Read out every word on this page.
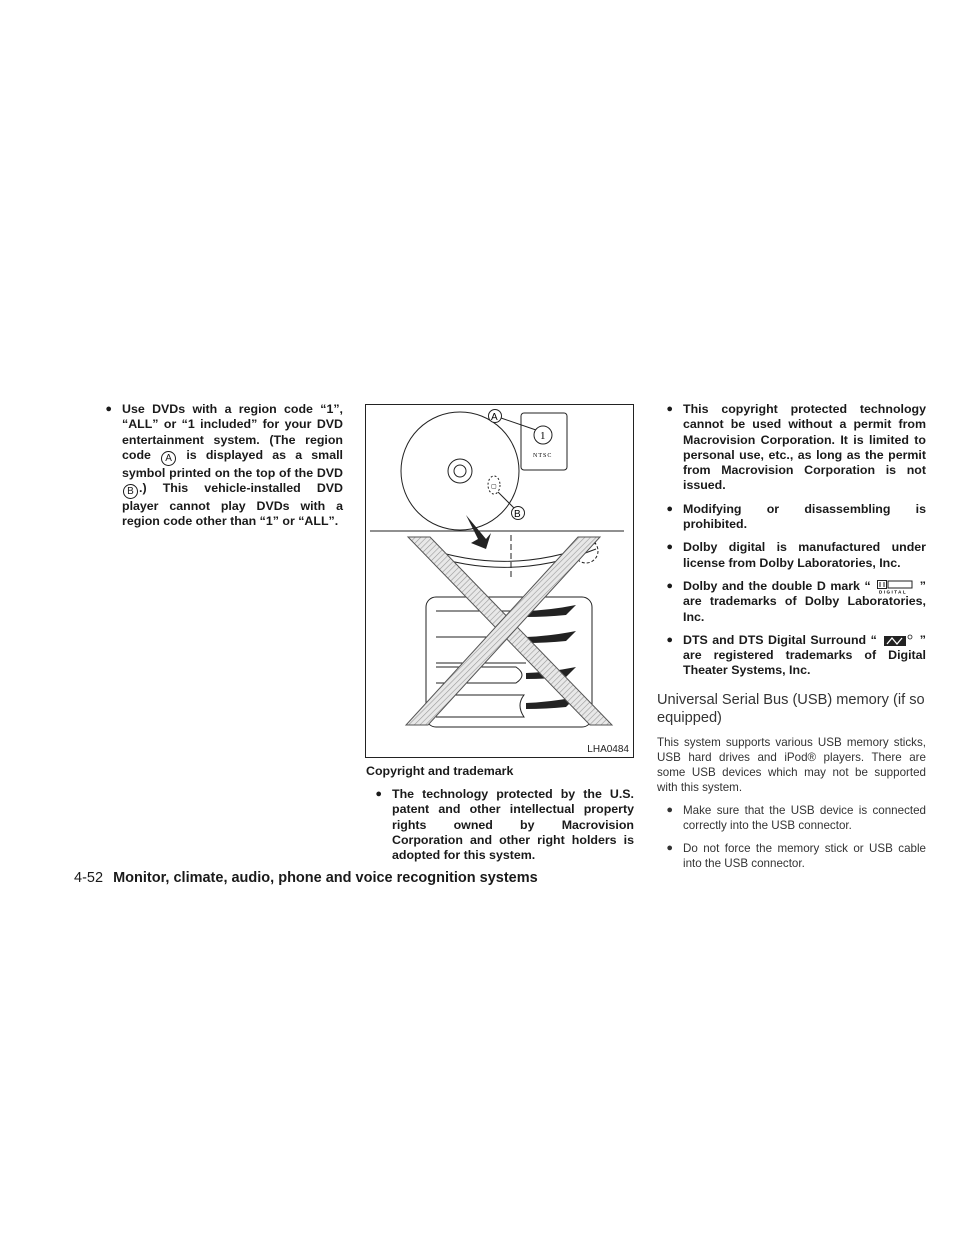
● Use DVDs with a region code “1”, “ALL” or “1 included” for your DVD entertainment system. (The region code A is displayed as a small symbol printed on the top of the DVD B .) This vehicle-installed DVD player cannot play DVDs with a region code other than “1” or “ALL”.
▢
1
NTSC
A
B
LHA0484
Copyright and trademark
● The technology protected by the U.S. patent and other intellectual property rights owned by Macrovision Corporation and other right holders is adopted for this system.
● This copyright protected technology cannot be used without a permit from Macrovision Corporation. It is limited to personal use, etc., as long as the permit from Macrovision Corporation is not issued.
● Modifying or disassembling is prohibited.
● Dolby digital is manufactured under license from Dolby Laboratories, Inc.
● Dolby and the double D mark “ DIGITAL ” are trademarks of Dolby Laboratories, Inc.
● DTS and DTS Digital Surround “	” are registered trademarks of Digital Theater Systems, Inc.
Universal Serial Bus (USB) memory (if so equipped)

This system supports various USB memory sticks, USB hard drives and iPod® players. There are some USB devices which may not be supported with this system.

● Make sure that the USB device is connected correctly into the USB connector.
● Do not force the memory stick or USB cable into the USB connector.
4-52 Monitor, climate, audio, phone and voice recognition systems
